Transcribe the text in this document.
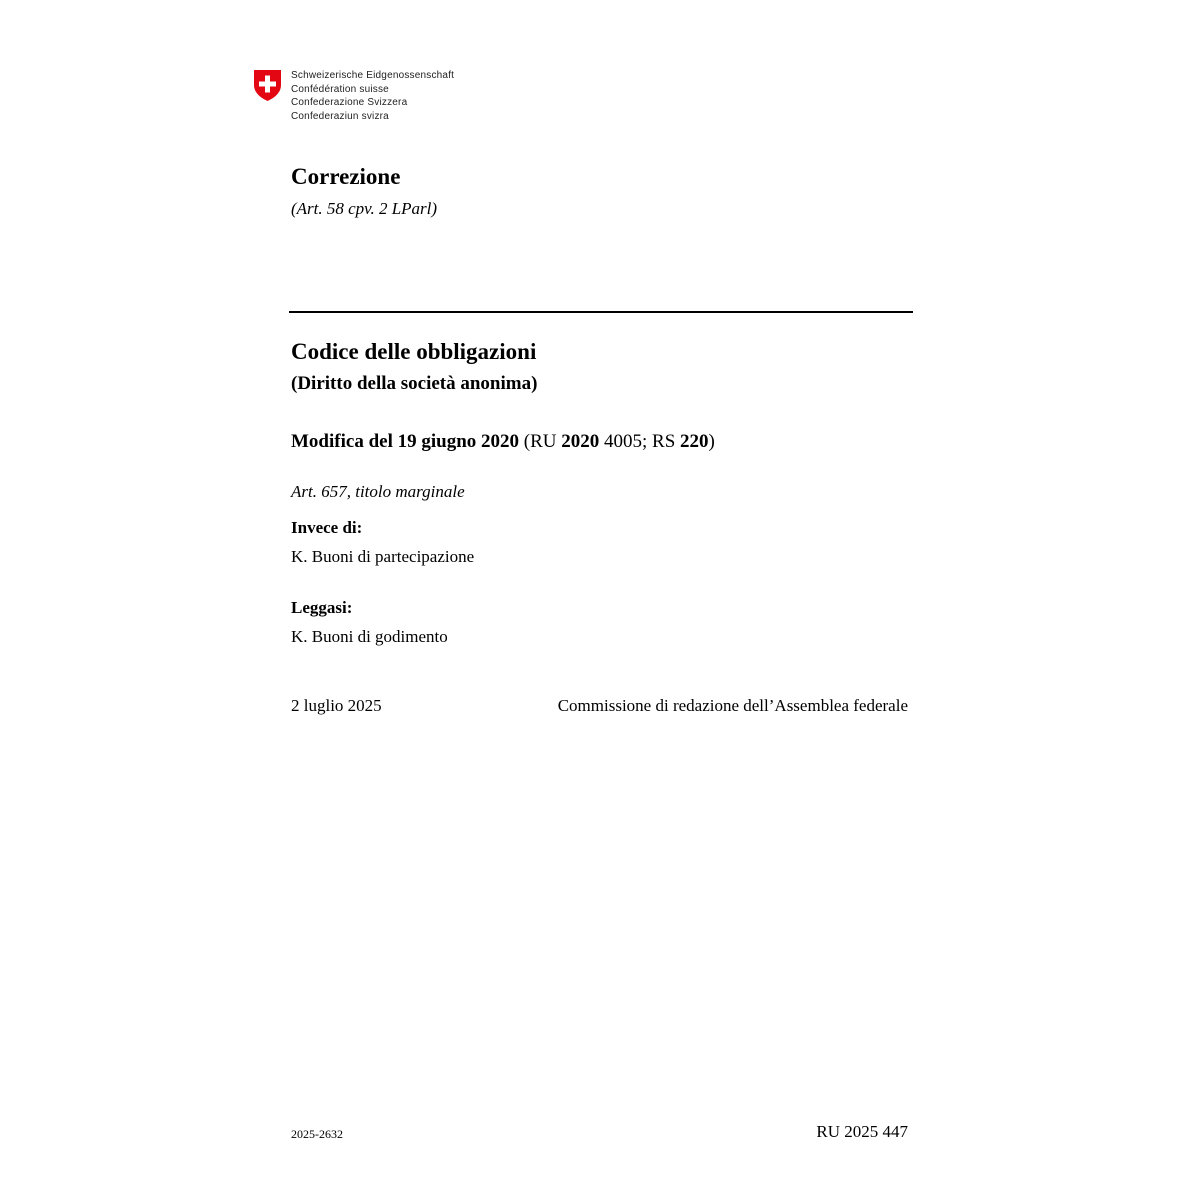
Schweizerische Eidgenossenschaft
Confédération suisse
Confederazione Svizzera
Confederaziun svizra
Correzione
(Art. 58 cpv. 2 LParl)
Codice delle obbligazioni
(Diritto della società anonima)
Modifica del 19 giugno 2020 (RU 2020 4005; RS 220)
Art. 657, titolo marginale
Invece di:
K. Buoni di partecipazione
Leggasi:
K. Buoni di godimento
2 luglio 2025	Commissione di redazione dell’Assemblea federale
2025-2632	RU 2025 447
